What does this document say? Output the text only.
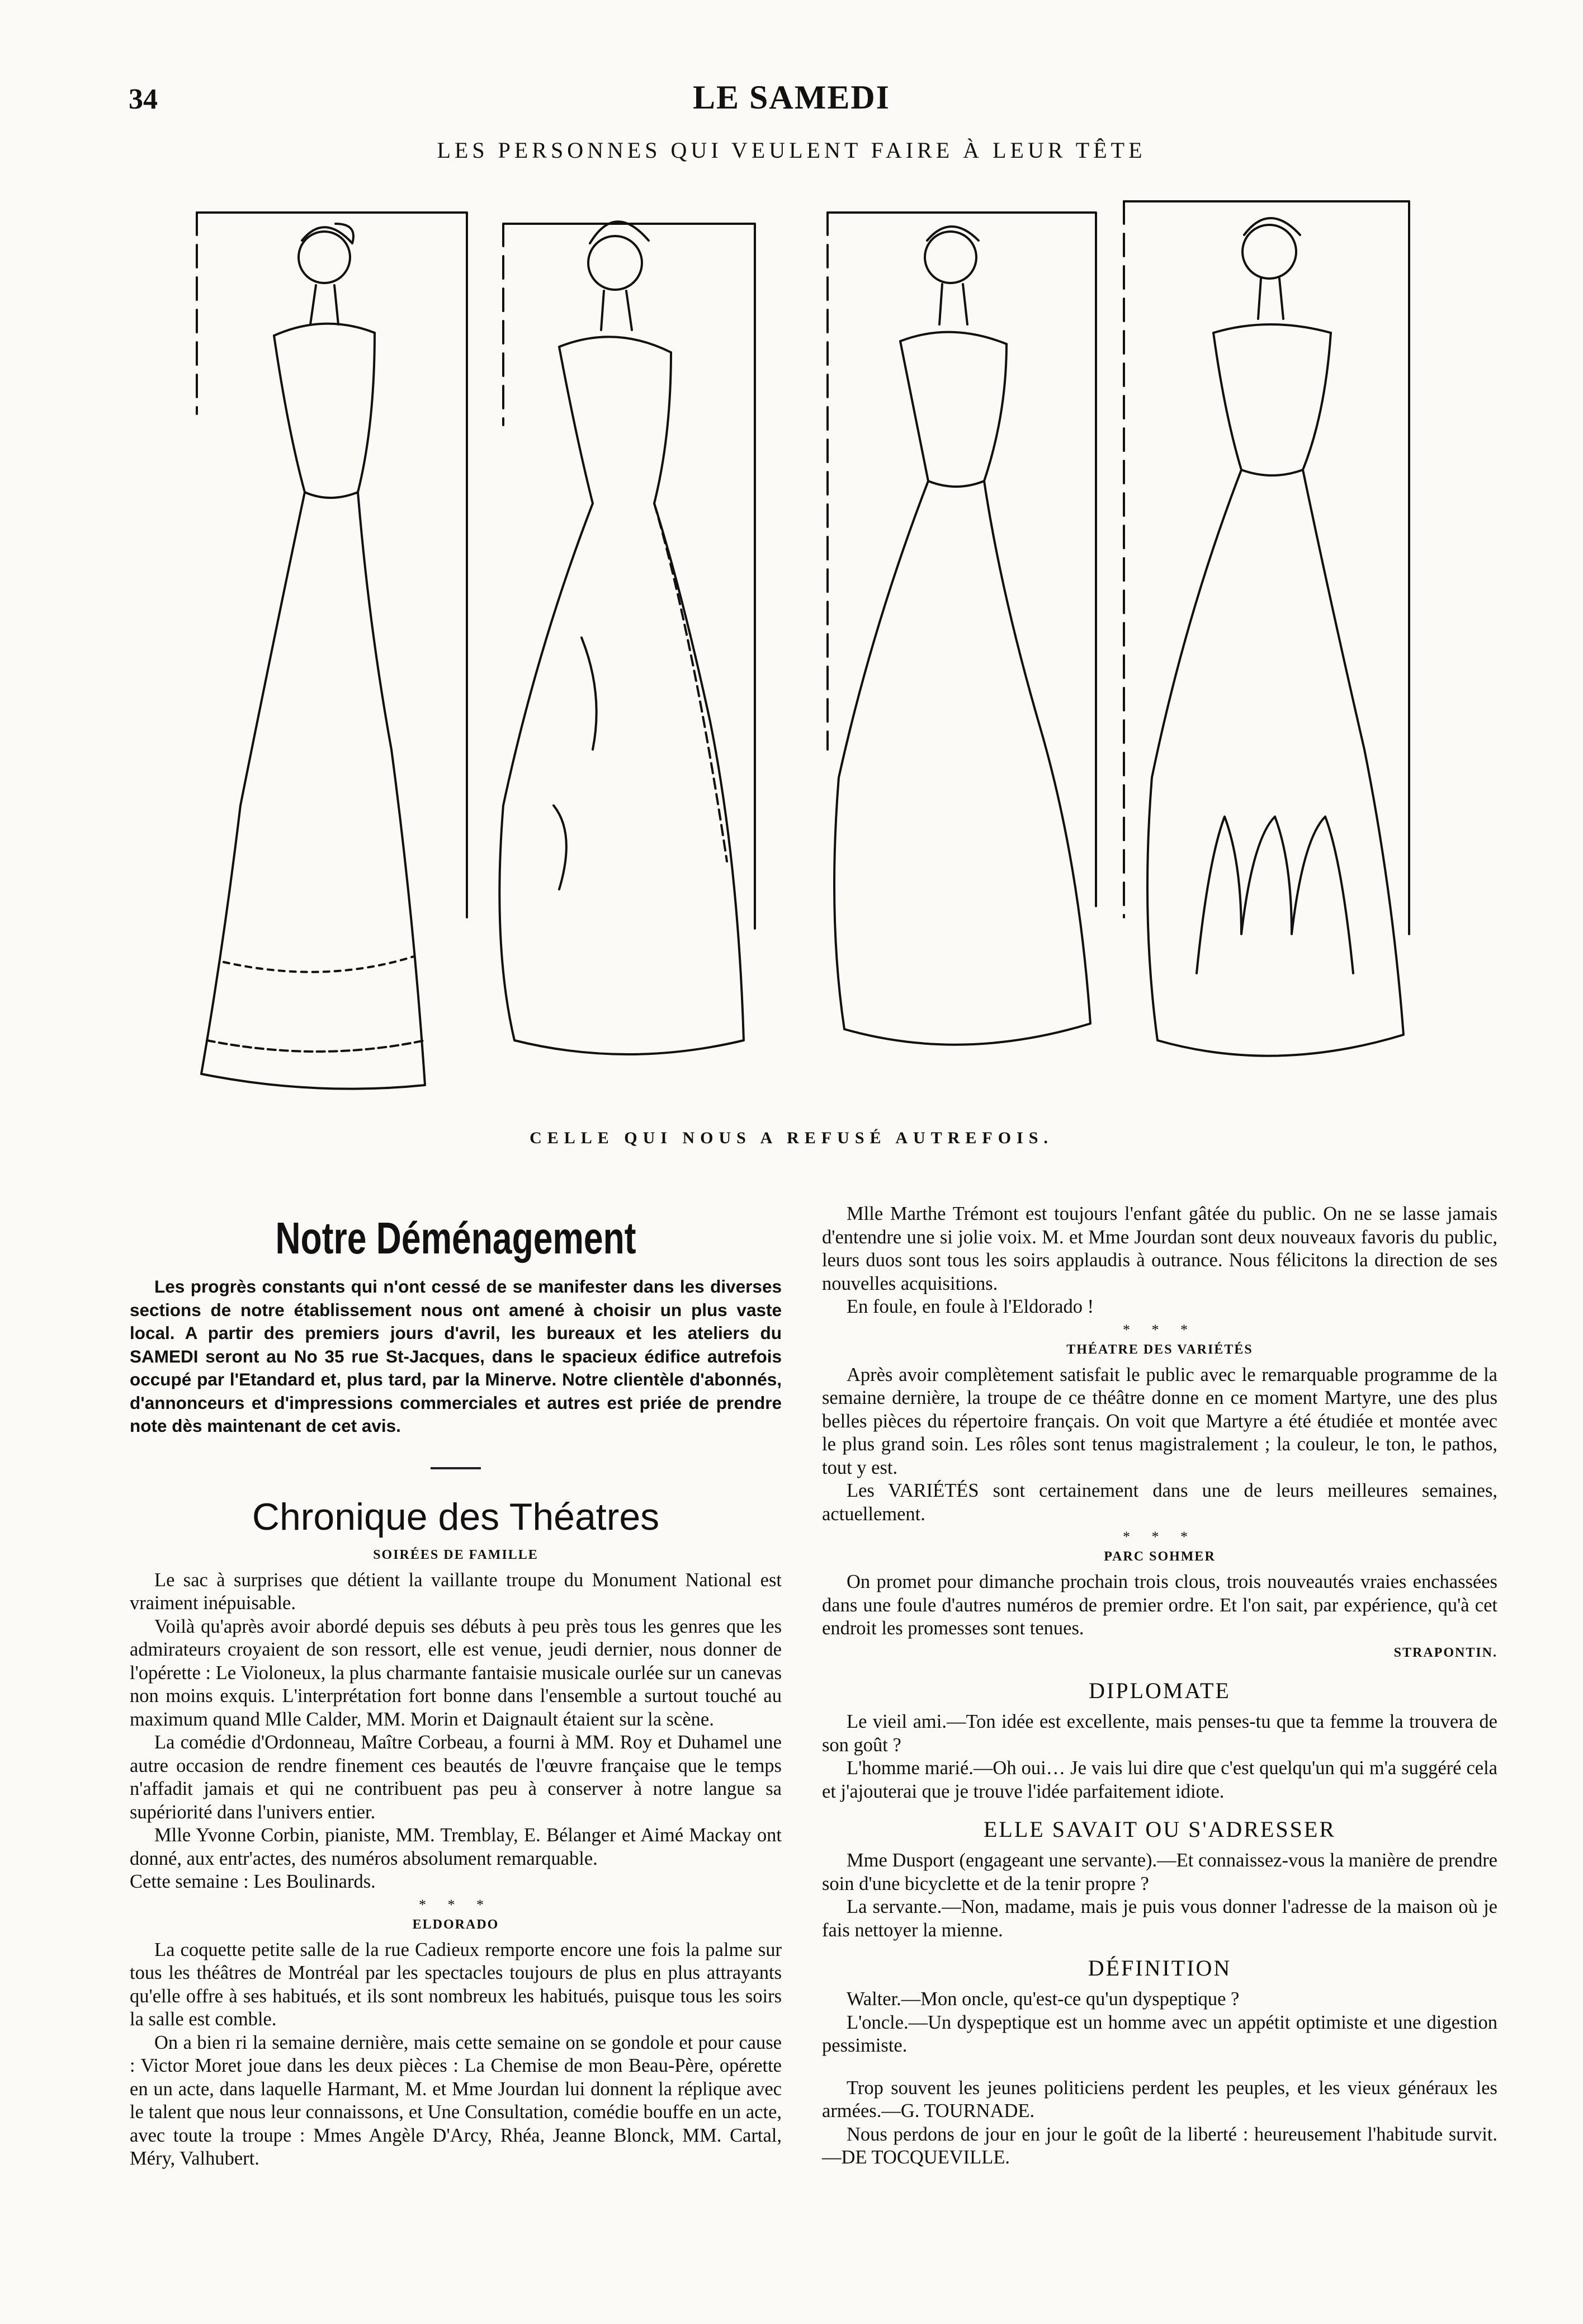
34	LE SAMEDI
LES PERSONNES QUI VEULENT FAIRE À LEUR TÊTE
CELLE QUI NOUS A REFUSÉ AUTREFOIS.
Notre Déménagement

Les progrès constants qui n'ont cessé de se manifester dans les diverses sections de notre établissement nous ont amené à choisir un plus vaste local. A partir des premiers jours d'avril, les bureaux et les ateliers du SAMEDI seront au No 35 rue St-Jacques, dans le spacieux édifice autrefois occupé par l'Etandard et, plus tard, par la Minerve. Notre clientèle d'abonnés, d'annonceurs et d'impressions commerciales et autres est priée de prendre note dès maintenant de cet avis.

Chronique des Théatres
SOIRÉES DE FAMILLE

Le sac à surprises que détient la vaillante troupe du Monument National est vraiment inépuisable.

Voilà qu'après avoir abordé depuis ses débuts à peu près tous les genres que les admirateurs croyaient de son ressort, elle est venue, jeudi dernier, nous donner de l'opérette : Le Violoneux, la plus charmante fantaisie musicale ourlée sur un canevas non moins exquis. L'interprétation fort bonne dans l'ensemble a surtout touché au maximum quand Mlle Calder, MM. Morin et Daignault étaient sur la scène.

La comédie d'Ordonneau, Maître Corbeau, a fourni à MM. Roy et Duhamel une autre occasion de rendre finement ces beautés de l'œuvre française que le temps n'affadit jamais et qui ne contribuent pas peu à conserver à notre langue sa supériorité dans l'univers entier.

Mlle Yvonne Corbin, pianiste, MM. Tremblay, E. Bélanger et Aimé Mackay ont donné, aux entr'actes, des numéros absolument remarquable.

Cette semaine : Les Boulinards.

* * *
ELDORADO

La coquette petite salle de la rue Cadieux remporte encore une fois la palme sur tous les théâtres de Montréal par les spectacles toujours de plus en plus attrayants qu'elle offre à ses habitués, et ils sont nombreux les habitués, puisque tous les soirs la salle est comble.

On a bien ri la semaine dernière, mais cette semaine on se gondole et pour cause : Victor Moret joue dans les deux pièces : La Chemise de mon Beau-Père, opérette en un acte, dans laquelle Harmant, M. et Mme Jourdan lui donnent la réplique avec le talent que nous leur connaissons, et Une Consultation, comédie bouffe en un acte, avec toute la troupe : Mmes Angèle D'Arcy, Rhéa, Jeanne Blonck, MM. Cartal, Méry, Valhubert.

Mlle Marthe Trémont est toujours l'enfant gâtée du public. On ne se lasse jamais d'entendre une si jolie voix. M. et Mme Jourdan sont deux nouveaux favoris du public, leurs duos sont tous les soirs applaudis à outrance. Nous félicitons la direction de ses nouvelles acquisitions.

En foule, en foule à l'Eldorado !

* * *
THÉATRE DES VARIÉTÉS

Après avoir complètement satisfait le public avec le remarquable programme de la semaine dernière, la troupe de ce théâtre donne en ce moment Martyre, une des plus belles pièces du répertoire français. On voit que Martyre a été étudiée et montée avec le plus grand soin. Les rôles sont tenus magistralement ; la couleur, le ton, le pathos, tout y est.

Les VARIÉTÉS sont certainement dans une de leurs meilleures semaines, actuellement.

* * *
PARC SOHMER

On promet pour dimanche prochain trois clous, trois nouveautés vraies enchassées dans une foule d'autres numéros de premier ordre. Et l'on sait, par expérience, qu'à cet endroit les promesses sont tenues.

STRAPONTIN.
DIPLOMATE

Le vieil ami.—Ton idée est excellente, mais penses-tu que ta femme la trouvera de son goût ?

L'homme marié.—Oh oui… Je vais lui dire que c'est quelqu'un qui m'a suggéré cela et j'ajouterai que je trouve l'idée parfaitement idiote.

ELLE SAVAIT OU S'ADRESSER

Mme Dusport (engageant une servante).—Et connaissez-vous la manière de prendre soin d'une bicyclette et de la tenir propre ?

La servante.—Non, madame, mais je puis vous donner l'adresse de la maison où je fais nettoyer la mienne.

DÉFINITION

Walter.—Mon oncle, qu'est-ce qu'un dyspeptique ?

L'oncle.—Un dyspeptique est un homme avec un appétit optimiste et une digestion pessimiste.

Trop souvent les jeunes politiciens perdent les peuples, et les vieux généraux les armées.—G. TOURNADE.

Nous perdons de jour en jour le goût de la liberté : heureusement l'habitude survit.—DE TOCQUEVILLE.
